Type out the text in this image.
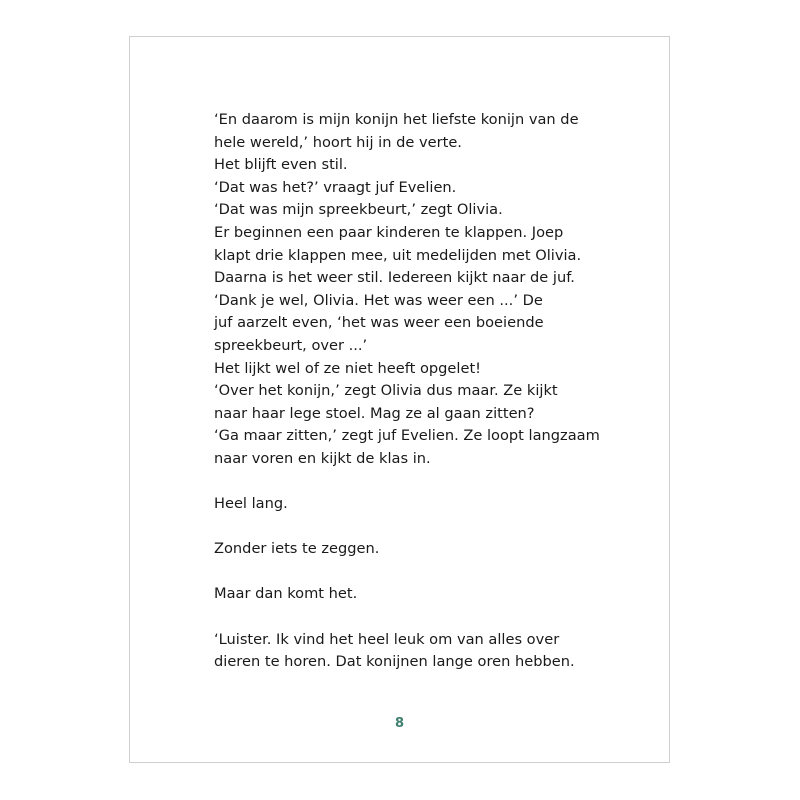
‘En daarom is mijn konijn het liefste konijn van de
hele wereld,’ hoort hij in de verte.
Het blijft even stil.
‘Dat was het?’ vraagt juf Evelien.
‘Dat was mijn spreekbeurt,’ zegt Olivia.
Er beginnen een paar kinderen te klappen. Joep
klapt drie klappen mee, uit medelijden met Olivia.
Daarna is het weer stil. Iedereen kijkt naar de juf.
‘Dank je wel, Olivia. Het was weer een ...’ De
juf aarzelt even, ‘het was weer een boeiende
spreekbeurt, over ...’
Het lijkt wel of ze niet heeft opgelet!
‘Over het konijn,’ zegt Olivia dus maar. Ze kijkt
naar haar lege stoel. Mag ze al gaan zitten?
‘Ga maar zitten,’ zegt juf Evelien. Ze loopt langzaam
naar voren en kijkt de klas in.

Heel lang.

Zonder iets te zeggen.

Maar dan komt het.

‘Luister. Ik vind het heel leuk om van alles over
dieren te horen. Dat konijnen lange oren hebben.

8
